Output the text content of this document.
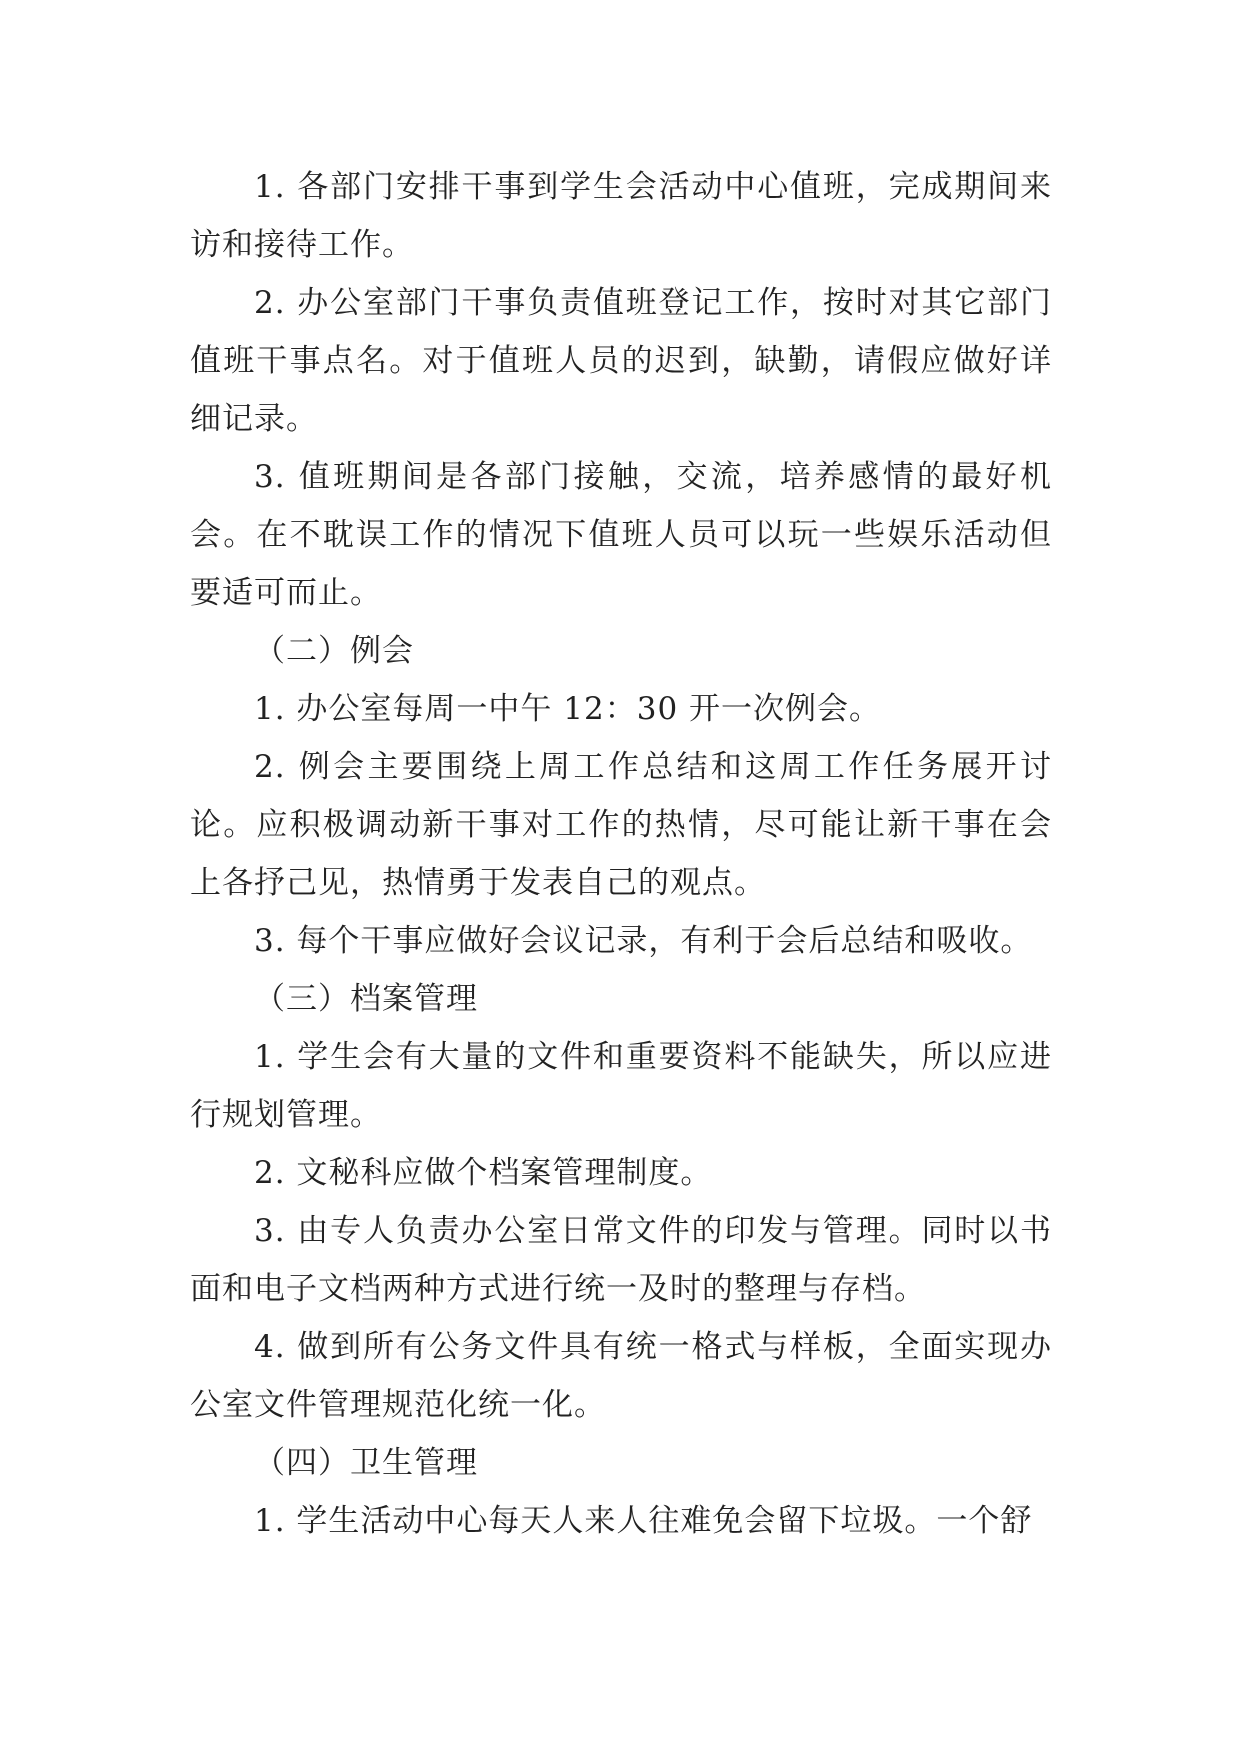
1. 各部门安排干事到学生会活动中心值班，完成期间来访和接待工作。

2. 办公室部门干事负责值班登记工作，按时对其它部门值班干事点名。对于值班人员的迟到，缺勤，请假应做好详细记录。

3. 值班期间是各部门接触，交流，培养感情的最好机会。在不耽误工作的情况下值班人员可以玩一些娱乐活动但要适可而止。

（二）例会

1. 办公室每周一中午 12：30 开一次例会。

2. 例会主要围绕上周工作总结和这周工作任务展开讨论。应积极调动新干事对工作的热情，尽可能让新干事在会上各抒己见，热情勇于发表自己的观点。

3. 每个干事应做好会议记录，有利于会后总结和吸收。

（三）档案管理

1. 学生会有大量的文件和重要资料不能缺失，所以应进行规划管理。

2. 文秘科应做个档案管理制度。

3. 由专人负责办公室日常文件的印发与管理。同时以书面和电子文档两种方式进行统一及时的整理与存档。

4. 做到所有公务文件具有统一格式与样板，全面实现办公室文件管理规范化统一化。

（四）卫生管理

1. 学生活动中心每天人来人往难免会留下垃圾。一个舒
